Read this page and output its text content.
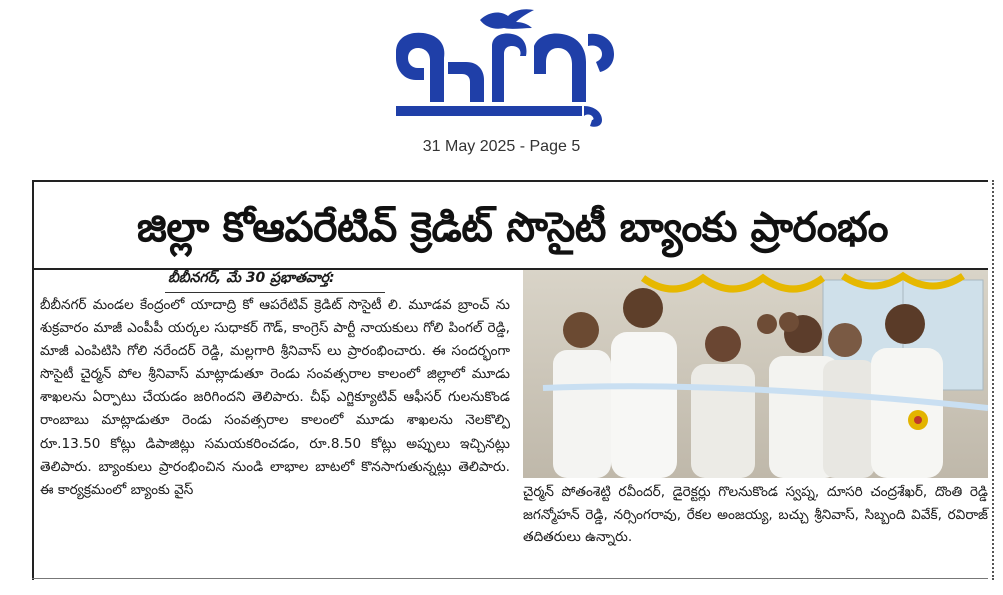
31 May 2025 - Page 5
జిల్లా కోఆపరేటివ్ క్రెడిట్ సొసైటీ బ్యాంకు ప్రారంభం
బీబీనగర్, మే 30 ప్రభాతవార్త:
బీబీనగర్ మండల కేంద్రంలో యాదాద్రి కో ఆపరేటివ్ క్రెడిట్ సొసైటీ లి. మూడవ బ్రాంచ్ ను శుక్రవారం మాజీ ఎంపీపీ యర్కల సుధాకర్ గౌడ్, కాంగ్రెస్ పార్టీ నాయకులు గోలి పింగల్ రెడ్డి, మాజీ ఎంపిటిసి గోలి నరేందర్ రెడ్డి, మల్లగారి శ్రీనివాస్ లు ప్రారంభించారు. ఈ సందర్భంగా సొసైటీ చైర్మన్ పోల శ్రీనివాస్ మాట్లాడుతూ రెండు సంవత్సరాల కాలంలో జిల్లాలో మూడు శాఖలను ఏర్పాటు చేయడం జరిగిందని తెలిపారు. చీఫ్ ఎగ్జిక్యూటివ్ ఆఫీసర్ గులనుకొండ రాంబాబు మాట్లాడుతూ రెండు సంవత్సరాల కాలంలో మూడు శాఖలను నెలకొల్పి రూ.13.50 కోట్లు డిపాజిట్లు సమయకరించడం, రూ.8.50 కోట్లు అప్పులు ఇచ్చినట్లు తెలిపారు. బ్యాంకులు ప్రారంభించిన నుండి లాభాల బాటలో కొనసాగుతున్నట్లు తెలిపారు. ఈ కార్యక్రమంలో బ్యాంకు వైస్	చైర్మన్ పోతంశెట్టి రవీందర్, డైరెక్టర్లు గొలనుకొండ స్వప్న, దూసరి చంద్రశేఖర్, దొంతి రెడ్డి జగన్మోహన్ రెడ్డి, నర్సింగరావు, రేకల అంజయ్య, బచ్చు శ్రీనివాస్, సిబ్బంది వివేక్, రవిరాజ్ తదితరులు ఉన్నారు.
